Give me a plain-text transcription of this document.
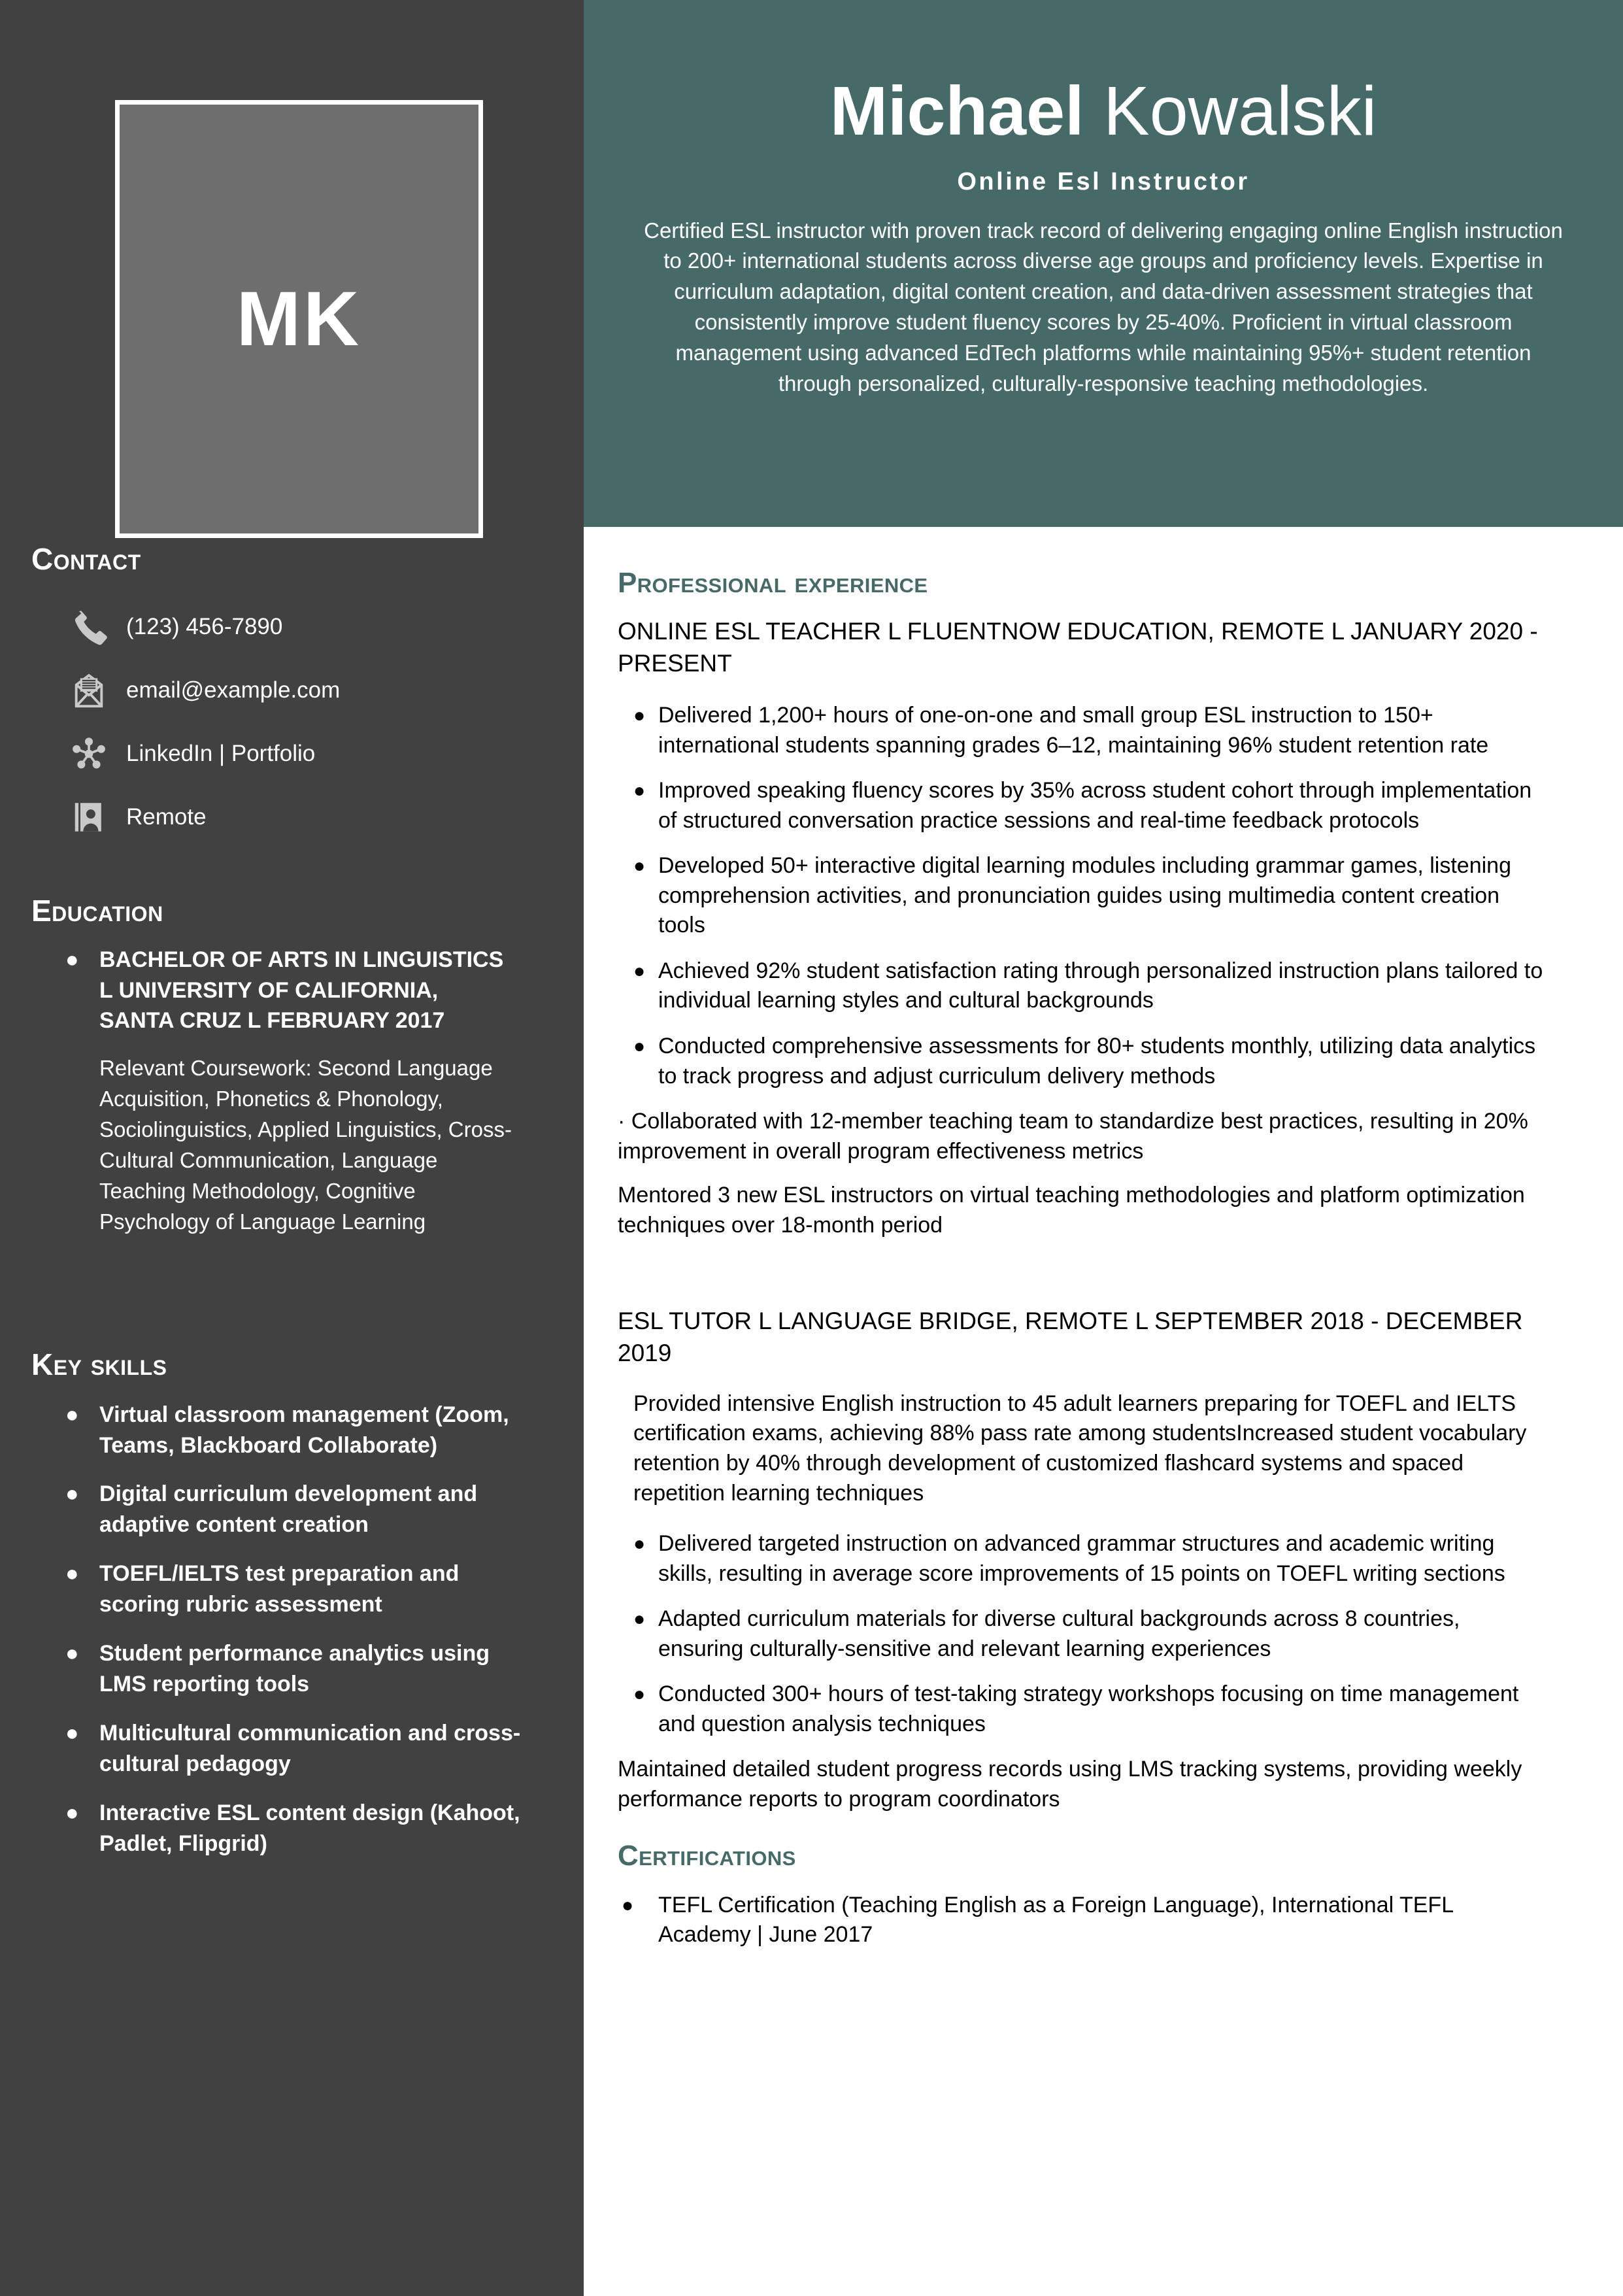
MK
Contact
(123) 456-7890
email@example.com
LinkedIn | Portfolio
Remote
Education
● BACHELOR OF ARTS IN LINGUISTICS L UNIVERSITY OF CALIFORNIA, SANTA CRUZ L FEBRUARY 2017

Relevant Coursework: Second Language Acquisition, Phonetics & Phonology, Sociolinguistics, Applied Linguistics, Cross-Cultural Communication, Language Teaching Methodology, Cognitive Psychology of Language Learning

Key skills
● Virtual classroom management (Zoom, Teams, Blackboard Collaborate)
● Digital curriculum development and adaptive content creation
● TOEFL/IELTS test preparation and scoring rubric assessment
● Student performance analytics using LMS reporting tools
● Multicultural communication and cross-cultural pedagogy
● Interactive ESL content design (Kahoot, Padlet, Flipgrid)
Michael Kowalski
Online Esl Instructor

Certified ESL instructor with proven track record of delivering engaging online English instruction to 200+ international students across diverse age groups and proficiency levels. Expertise in curriculum adaptation, digital content creation, and data-driven assessment strategies that consistently improve student fluency scores by 25-40%. Proficient in virtual classroom management using advanced EdTech platforms while maintaining 95%+ student retention through personalized, culturally-responsive teaching methodologies.

Professional experience
ONLINE ESL TEACHER L FLUENTNOW EDUCATION, REMOTE L JANUARY 2020 - PRESENT
● Delivered 1,200+ hours of one-on-one and small group ESL instruction to 150+ international students spanning grades 6–12, maintaining 96% student retention rate
● Improved speaking fluency scores by 35% across student cohort through implementation of structured conversation practice sessions and real-time feedback protocols
● Developed 50+ interactive digital learning modules including grammar games, listening comprehension activities, and pronunciation guides using multimedia content creation tools
● Achieved 92% student satisfaction rating through personalized instruction plans tailored to individual learning styles and cultural backgrounds
● Conducted comprehensive assessments for 80+ students monthly, utilizing data analytics to track progress and adjust curriculum delivery methods

· Collaborated with 12-member teaching team to standardize best practices, resulting in 20% improvement in overall program effectiveness metrics

Mentored 3 new ESL instructors on virtual teaching methodologies and platform optimization techniques over 18-month period

ESL TUTOR L LANGUAGE BRIDGE, REMOTE L SEPTEMBER 2018 - DECEMBER 2019

Provided intensive English instruction to 45 adult learners preparing for TOEFL and IELTS certification exams, achieving 88% pass rate among studentsIncreased student vocabulary retention by 40% through development of customized flashcard systems and spaced repetition learning techniques

● Delivered targeted instruction on advanced grammar structures and academic writing skills, resulting in average score improvements of 15 points on TOEFL writing sections
● Adapted curriculum materials for diverse cultural backgrounds across 8 countries, ensuring culturally-sensitive and relevant learning experiences
● Conducted 300+ hours of test-taking strategy workshops focusing on time management and question analysis techniques

Maintained detailed student progress records using LMS tracking systems, providing weekly performance reports to program coordinators

Certifications
●	TEFL Certification (Teaching English as a Foreign Language), International TEFL Academy | June 2017
